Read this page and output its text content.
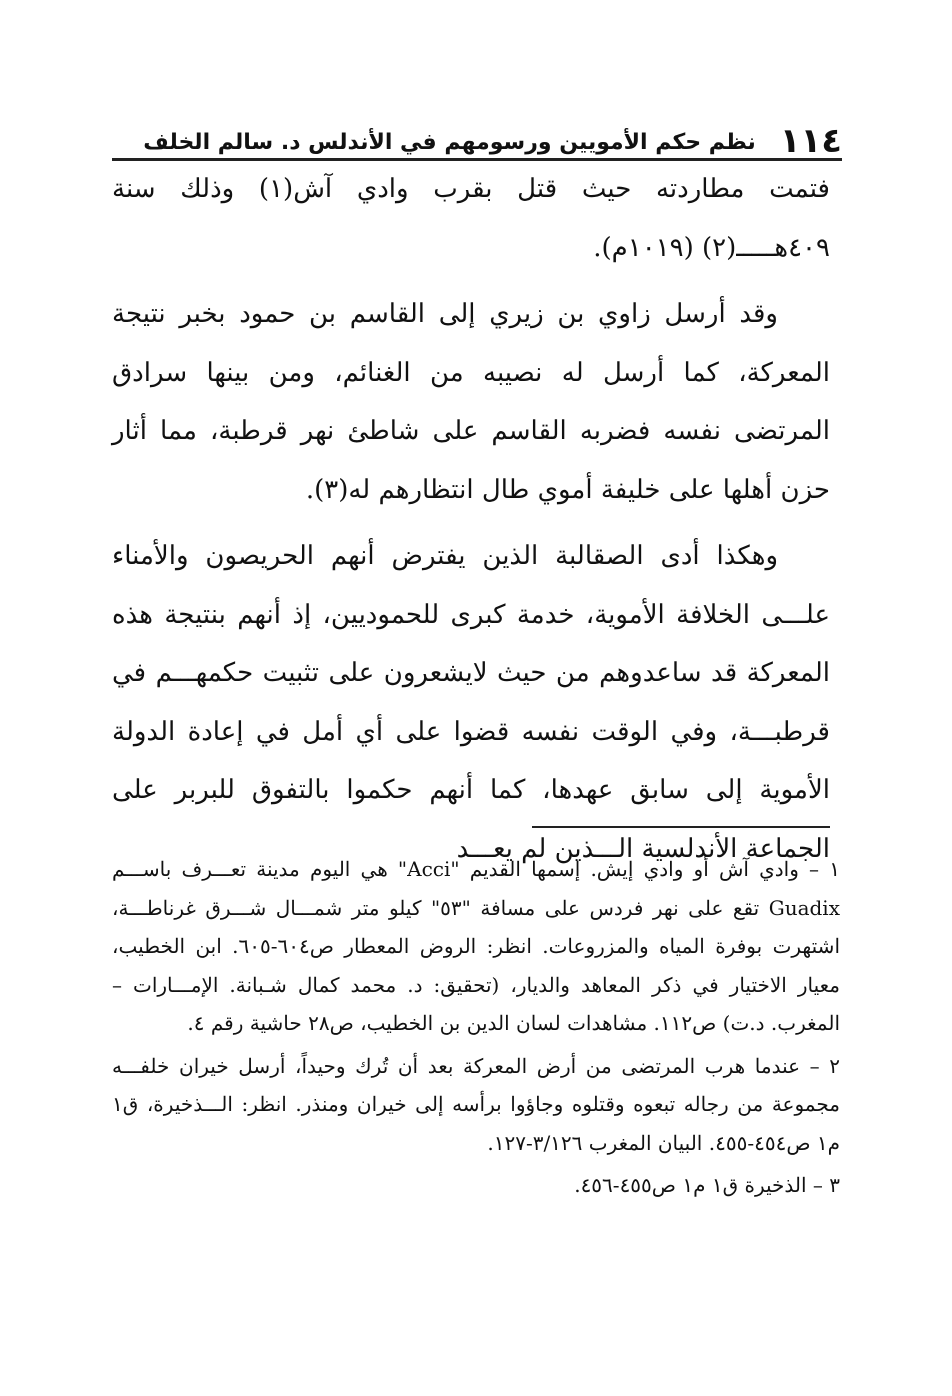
١١٤
نظم حكم الأمويين ورسومهم في الأندلس د. سالم الخلف

فتمت مطاردته حيث قتل بقرب وادي آش(١) وذلك سنة ٤٠٩هـــــ(٢) (١٠١٩م).

وقد أرسل زاوي بن زيري إلى القاسم بن حمود بخبر نتيجة المعركة، كما أرسل له نصيبه من الغنائم، ومن بينها سرادق المرتضى نفسه فضربه القاسم على شاطئ نهر قرطبة، مما أثار حزن أهلها على خليفة أموي طال انتظارهم له(٣).

وهكذا أدى الصقالبة الذين يفترض أنهم الحريصون والأمناء علـــى الخلافة الأموية، خدمة كبرى للحموديين، إذ أنهم بنتيجة هذه المعركة قد ساعدوهم من حيث لايشعرون على تثبيت حكمهـــم في قرطبـــة، وفي الوقت نفسه قضوا على أي أمل في إعادة الدولة الأموية إلى سابق عهدها، كما أنهم حكموا بالتفوق للبربر على الجماعة الأندلسية الـــذين لم يعـــد

١ – وادي آش أو وادي إيش. إسمها القديم "Acci" هي اليوم مدينة تعـــرف باســـم Guadix تقع على نهر فردس على مسافة "٥٣" كيلو متر شمـــال شـــرق غرناطـــة، اشتهرت بوفرة المياه والمزروعات. انظر: الروض المعطار ص٦٠٤-٦٠٥. ابن الخطيب، معيار الاختيار في ذكر المعاهد والديار، (تحقيق: د. محمد كمال شـبانة. الإمـــارات – المغرب. د.ت) ص١١٢. مشاهدات لسان الدين بن الخطيب، ص٢٨ حاشية رقم ٤.

٢ – عندما هرب المرتضى من أرض المعركة بعد أن تُرك وحيداً، أرسل خيران خلفـــه مجموعة من رجاله تبعوه وقتلوه وجاؤوا برأسه إلى خيران ومنذر. انظر: الـــذخيرة، ق١ م١ ص٤٥٤-٤٥٥. البيان المغرب ٣/١٢٦-١٢٧.

٣ – الذخيرة ق١ م١ ص٤٥٥-٤٥٦.
